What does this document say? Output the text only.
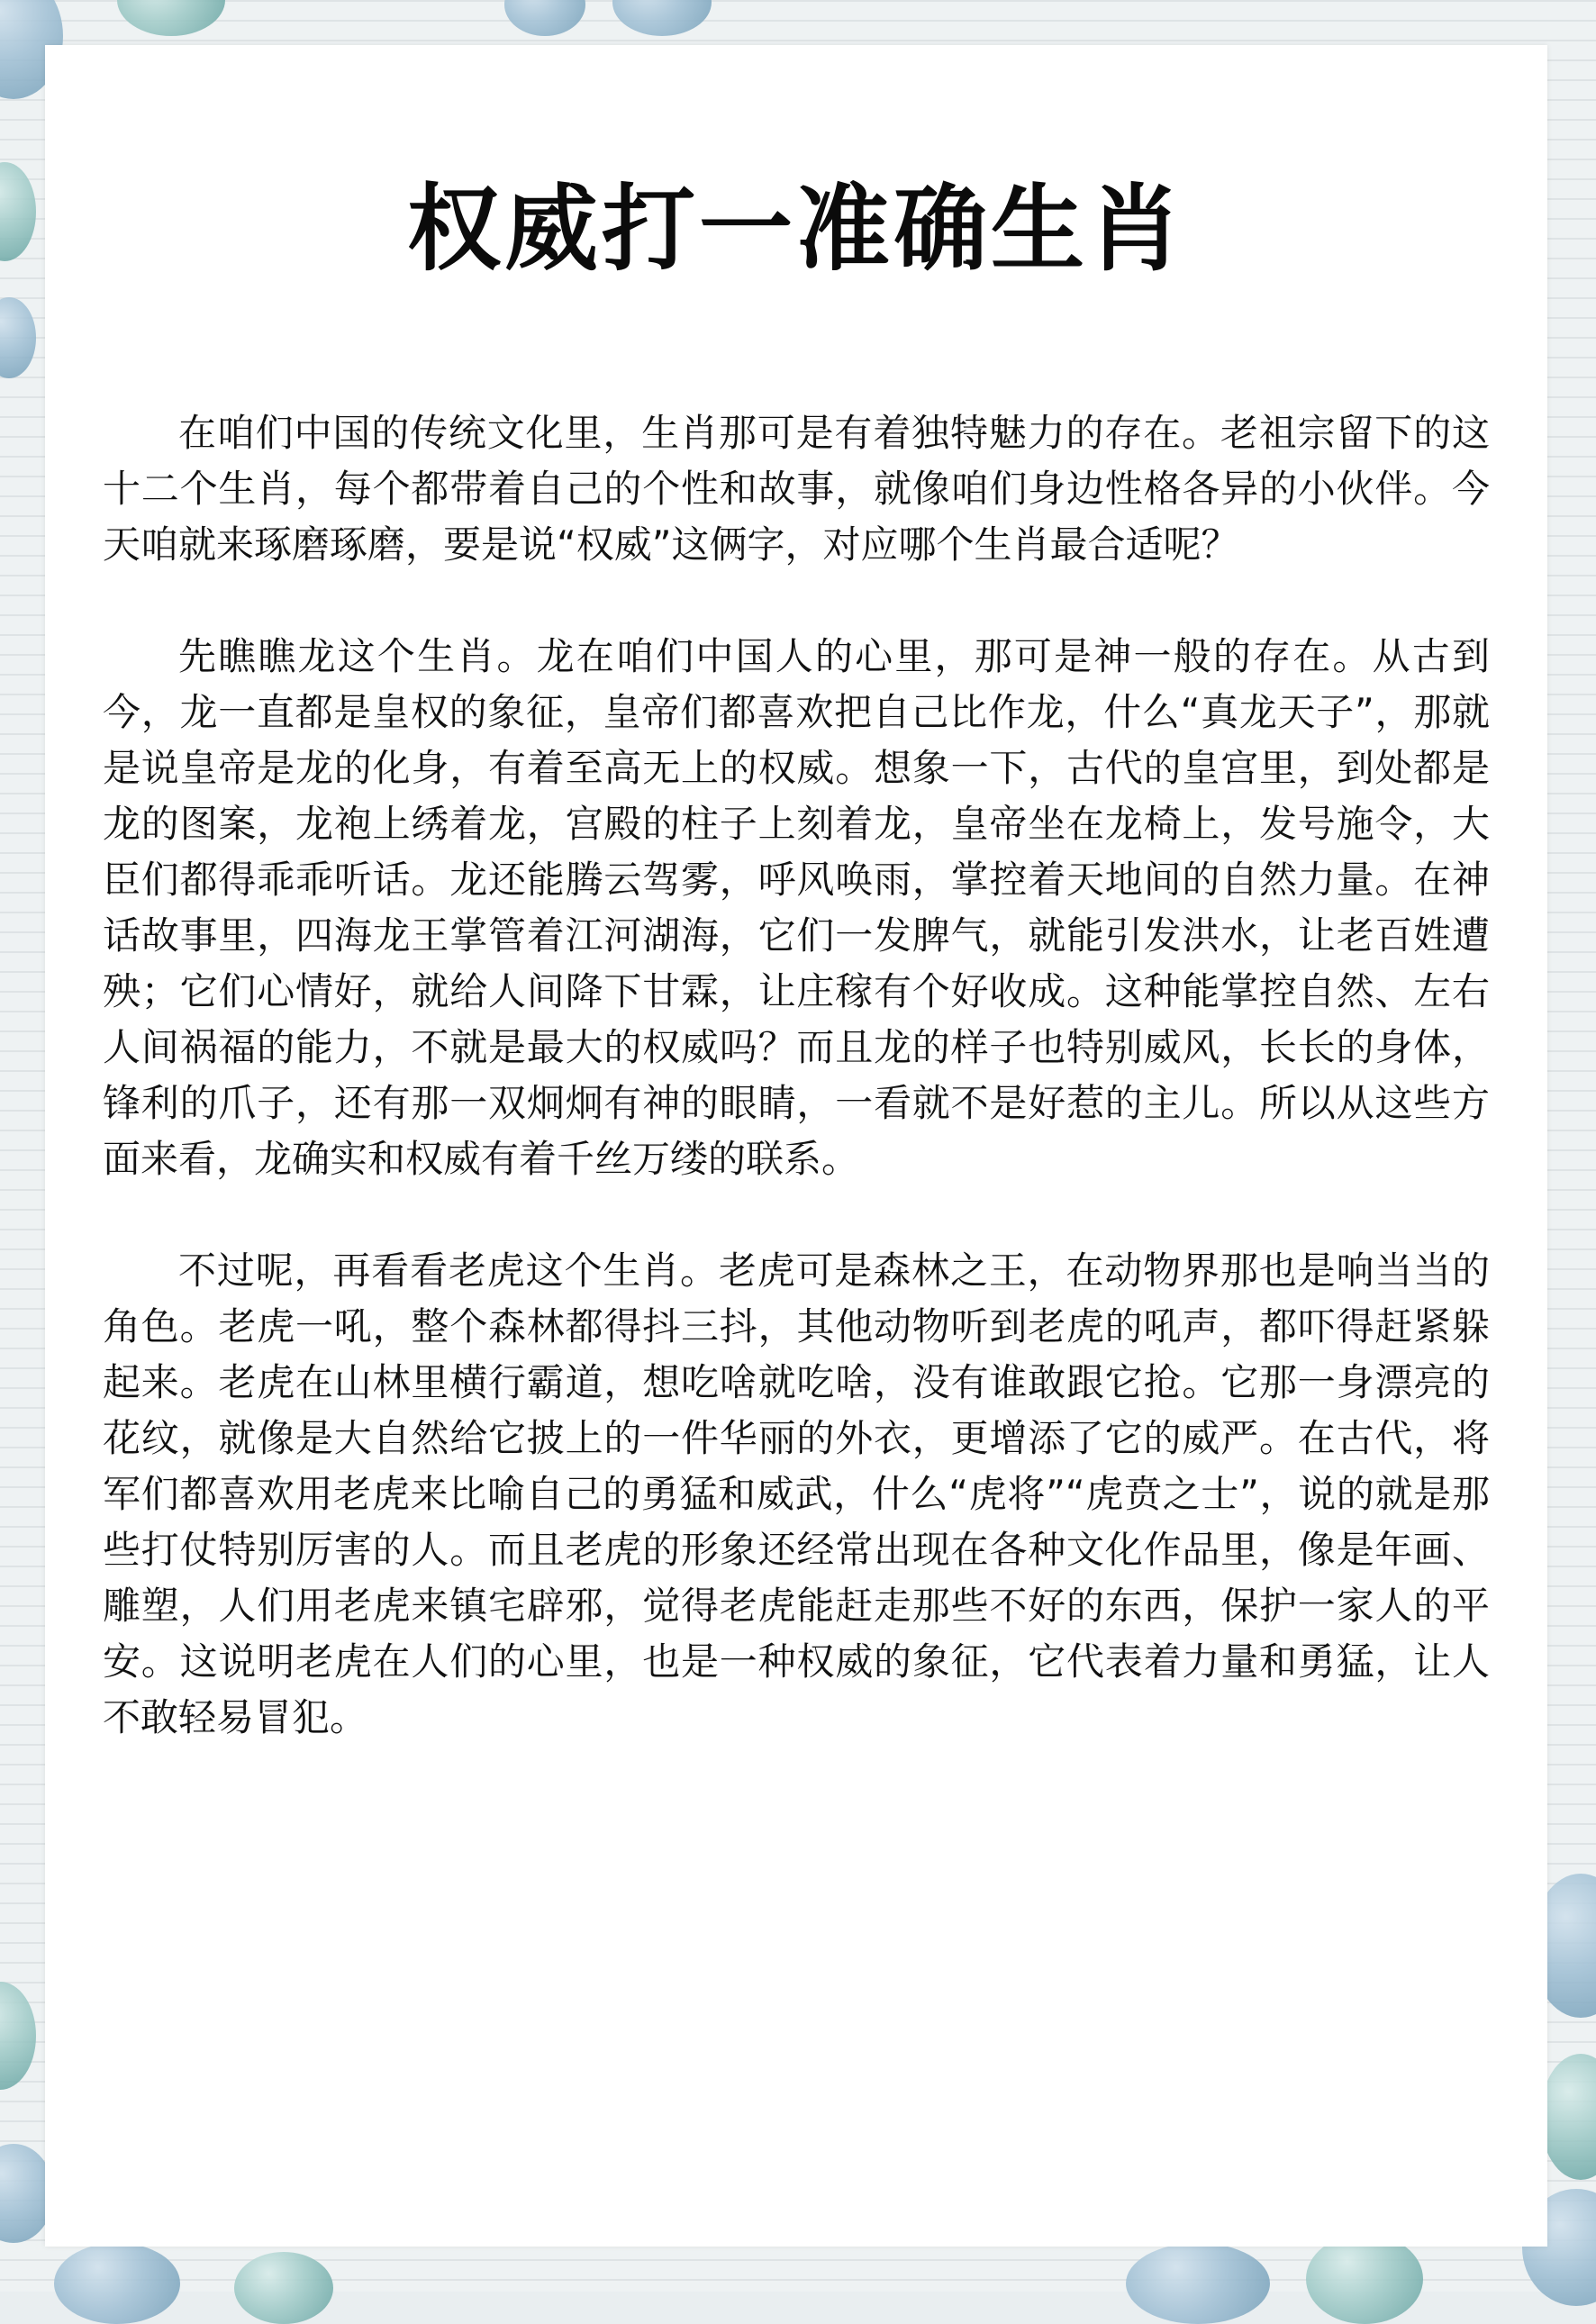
权威打一准确生肖

在咱们中国的传统文化里，生肖那可是有着独特魅力的存在。老祖宗留下的这十二个生肖，每个都带着自己的个性和故事，就像咱们身边性格各异的小伙伴。今天咱就来琢磨琢磨，要是说“权威”这俩字，对应哪个生肖最合适呢？

先瞧瞧龙这个生肖。龙在咱们中国人的心里，那可是神一般的存在。从古到今，龙一直都是皇权的象征，皇帝们都喜欢把自己比作龙，什么“真龙天子”，那就是说皇帝是龙的化身，有着至高无上的权威。想象一下，古代的皇宫里，到处都是龙的图案，龙袍上绣着龙，宫殿的柱子上刻着龙，皇帝坐在龙椅上，发号施令，大臣们都得乖乖听话。龙还能腾云驾雾，呼风唤雨，掌控着天地间的自然力量。在神话故事里，四海龙王掌管着江河湖海，它们一发脾气，就能引发洪水，让老百姓遭殃；它们心情好，就给人间降下甘霖，让庄稼有个好收成。这种能掌控自然、左右人间祸福的能力，不就是最大的权威吗？而且龙的样子也特别威风，长长的身体，锋利的爪子，还有那一双炯炯有神的眼睛，一看就不是好惹的主儿。所以从这些方面来看，龙确实和权威有着千丝万缕的联系。

不过呢，再看看老虎这个生肖。老虎可是森林之王，在动物界那也是响当当的角色。老虎一吼，整个森林都得抖三抖，其他动物听到老虎的吼声，都吓得赶紧躲起来。老虎在山林里横行霸道，想吃啥就吃啥，没有谁敢跟它抢。它那一身漂亮的花纹，就像是大自然给它披上的一件华丽的外衣，更增添了它的威严。在古代，将军们都喜欢用老虎来比喻自己的勇猛和威武，什么“虎将”“虎贲之士”，说的就是那些打仗特别厉害的人。而且老虎的形象还经常出现在各种文化作品里，像是年画、雕塑，人们用老虎来镇宅辟邪，觉得老虎能赶走那些不好的东西，保护一家人的平安。这说明老虎在人们的心里，也是一种权威的象征，它代表着力量和勇猛，让人不敢轻易冒犯。
